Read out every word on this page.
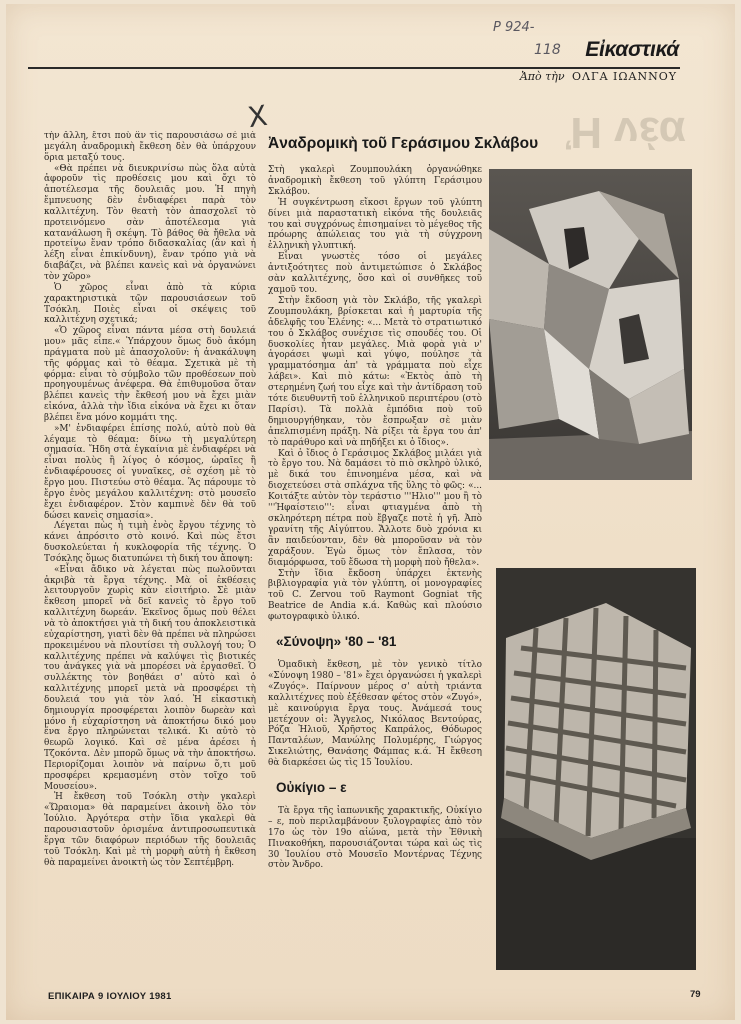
Ρ 924-
118 Εἰκαστικά
Ἀπὸ τὴν ΟΛΓΑ ΙΩΑΝΝΟΥ
Ἡ νέα
X

τὴν ἄλλη, ἔτσι ποὺ ἂν τὶς παρουσιάσω σὲ μιὰ μεγάλη ἀναδρομικὴ ἔκθεση δὲν θὰ ὑπάρχουν ὅρια μεταξύ τους.

«Θὰ πρέπει νὰ διευκρινίσω πὼς ὅλα αὐτὰ ἀφοροῦν τὶς προθέσεις μου καὶ ὄχι τὸ ἀποτέλεσμα τῆς δουλειᾶς μου. Ἡ πηγὴ ἔμπνευσης δὲν ἐνδιαφέρει παρὰ τὸν καλλιτέχνη. Τὸν θεατὴ τὸν ἀπασχολεῖ τὸ προτεινόμενο σὰν ἀποτέλεσμα γιὰ κατανάλωση ἢ σκέψη. Τὸ βάθος θὰ ἤθελα νὰ προτείνω ἕναν τρόπο διδασκαλίας (ἂν καὶ ἡ λέξη εἶναι ἐπικίνδυνη), ἕναν τρόπο γιὰ νὰ διαβάζει, νὰ βλέπει κανεὶς καὶ νὰ ὀργανώνει τὸν χῶρο»

Ὁ χῶρος εἶναι ἀπὸ τὰ κύρια χαρακτηριστικὰ τῶν παρουσιάσεων τοῦ Τσόκλη. Ποιὲς εἶναι οἱ σκέψεις τοῦ καλλιτέχνη σχετικά;

«Ὁ χῶρος εἶναι πάντα μέσα στὴ δουλειά μου» μᾶς εἶπε.« Ὑπάρχουν ὅμως δυὸ ἀκόμη πράγματα ποὺ μὲ ἀπασχολοῦν: ἡ ἀνακάλυψη τῆς φόρμας καὶ τὸ θέαμα. Σχετικὰ μὲ τὴ φόρμα: εἶναι τὸ σύμβολο τῶν προθέσεων ποὺ προηγουμένως ἀνέφερα. Θὰ ἐπιθυμοῦσα ὅταν βλέπει κανεὶς τὴν ἔκθεσή μου νὰ ἔχει μιὰν εἰκόνα, ἀλλὰ τὴν ἴδια εἰκόνα νὰ ἔχει κι ὅταν βλέπει ἕνα μόνο κομμάτι της.

»Μ' ἐνδιαφέρει ἐπίσης πολύ, αὐτὸ ποὺ θὰ λέγαμε τὸ θέαμα: δίνω τὴ μεγαλύτερη σημασία. Ἤδη στὰ ἐγκαίνια μὲ ἐνδιαφέρει νὰ εἶναι πολὺς ἢ λίγος ὁ κόσμος, ὡραῖες ἢ ἐνδιαφέρουσες οἱ γυναῖκες, σὲ σχέση μὲ τὸ ἔργο μου. Πιστεύω στὸ θέαμα. Ἂς πάρουμε τὸ ἔργο ἑνὸς μεγάλου καλλιτέχνη: στὸ μουσεῖο ἔχει ἐνδιαφέρον. Στὸν καμπινὲ δὲν θὰ τοῦ δώσει κανεὶς σημασία».

Λέγεται πὼς ἡ τιμὴ ἑνὸς ἔργου τέχνης τὸ κάνει ἀπρόσιτο στὸ κοινό. Καὶ πὼς ἔτσι δυσκολεύεται ἡ κυκλοφορία τῆς τέχνης. Ὁ Τσόκλης ὅμως διατυπώνει τὴ δική του ἄποψη:

«Εἶναι ἄδικο νὰ λέγεται πὼς πωλοῦνται ἀκριβὰ τὰ ἔργα τέχνης. Μὰ οἱ ἐκθέσεις λειτουργοῦν χωρὶς κὰν εἰσιτήριο. Σὲ μιὰν ἔκθεση μπορεῖ νὰ δεῖ κανεὶς τὸ ἔργο τοῦ καλλιτέχνη δωρεάν. Ἐκεῖνος ὅμως ποὺ θέλει νὰ τὸ ἀποκτήσει γιὰ τὴ δική του ἀποκλειστικὰ εὐχαρίστηση, γιατὶ δὲν θὰ πρέπει νὰ πληρώσει προκειμένου νὰ πλουτίσει τὴ συλλογή του; Ὁ καλλιτέχνης πρέπει νὰ καλύψει τὶς βιοτικές του ἀνάγκες γιὰ νὰ μπορέσει νὰ ἐργασθεῖ. Ὁ συλλέκτης τὸν βοηθάει σ' αὐτὸ καὶ ὁ καλλιτέχνης μπορεῖ μετὰ νὰ προσφέρει τὴ δουλειά του γιὰ τὸν λαό. Ἡ εἰκαστικὴ δημιουργία προσφέρεται λοιπὸν δωρεὰν καὶ μόνο ἡ εὐχαρίστηση νὰ ἀποκτήσω δικό μου ἕνα ἔργο πληρώνεται τελικά. Κι αὐτὸ τὸ θεωρῶ λογικό. Καὶ σὲ μένα ἀρέσει ἡ Τζοκόντα. Δὲν μπορῶ ὅμως νὰ τὴν ἀποκτήσω. Περιορίζομαι λοιπὸν νὰ παίρνω ὅ,τι μοῦ προσφέρει κρεμασμένη στὸν τοῖχο τοῦ Μουσείου».

Ἡ ἔκθεση τοῦ Τσόκλη στὴν γκαλερὶ «Ὥραιομα» θὰ παραμείνει ἀκοινὴ ὅλο τὸν Ἰούλιο. Ἀργότερα στὴν ἴδια γκαλερὶ θὰ παρουσιαστοῦν ὁρισμένα ἀντιπροσωπευτικὰ ἔργα τῶν διαφόρων περιόδων τῆς δουλειᾶς τοῦ Τσόκλη. Καὶ μὲ τὴ μορφὴ αὐτὴ ἡ ἔκθεση θὰ παραμείνει ἀνοικτὴ ὡς τὸν Σεπτέμβρη.

Ἀναδρομικὴ τοῦ Γεράσιμου Σκλάβου

Στὴ γκαλερὶ Ζουμπουλάκη ὀργανώθηκε ἀναδρομικὴ ἔκθεση τοῦ γλύπτη Γεράσιμου Σκλάβου.

Ἡ συγκέντρωση εἴκοσι ἔργων τοῦ γλύπτη δίνει μιὰ παραστατικὴ εἰκόνα τῆς δουλειᾶς του καὶ συγχρόνως ἐπισημαίνει τὸ μέγεθος τῆς πρόωρης ἀπώλειας του γιὰ τὴ σύγχρονη ἑλληνικὴ γλυπτική.

Εἶναι γνωστὲς τόσο οἱ μεγάλες ἀντιξοότητες ποὺ ἀντιμετώπισε ὁ Σκλάβος σὰν καλλιτέχνης, ὅσο καὶ οἱ συνθῆκες τοῦ χαμοῦ του.

Στὴν ἔκδοση γιὰ τὸν Σκλάβο, τῆς γκαλερὶ Ζουμπουλάκη, βρίσκεται καὶ ἡ μαρτυρία τῆς ἀδελφῆς του Ἑλένης: «... Μετὰ τὸ στρατιωτικό του ὁ Σκλάβος συνέχισε τὶς σπουδές του. Οἱ δυσκολίες ἦταν μεγάλες. Μιὰ φορὰ γιὰ ν' ἀγοράσει ψωμὶ καὶ γύψο, πούλησε τὰ γραμματόσημα ἀπ' τὰ γράμματα ποὺ εἶχε λάβει». Καὶ πιὸ κάτω: «Ἐκτὸς ἀπὸ τὴ στερημένη ζωή του εἶχε καὶ τὴν ἀντίδραση τοῦ τότε διευθυντῆ τοῦ ἑλληνικοῦ περιπτέρου (στὸ Παρίσι). Τὰ πολλὰ ἐμπόδια ποὺ τοῦ δημιουργήθηκαν, τὸν ἔσπρωξαν σὲ μιὰν ἀπελπισμένη πράξη. Νὰ ρίξει τὰ ἔργα του ἀπ' τὸ παράθυρο καὶ νὰ πηδήξει κι ὁ ἴδιος».

Καὶ ὁ ἴδιος ὁ Γεράσιμος Σκλάβος μιλάει γιὰ τὸ ἔργο του. Νὰ δαμάσει τὸ πιὸ σκληρὸ ὑλικό, μὲ δικά του ἐπινοημένα μέσα, καὶ νὰ διοχετεύσει στὰ σπλάχνα τῆς ὕλης τὸ φῶς: «... Κοιτάξτε αὐτὸν τὸν τεράστιο '''Ηλιο''' μου ἢ τὸ '''Ἡφαίστειο''': εἶναι φτιαγμένα ἀπὸ τὴ σκληρότερη πέτρα ποὺ ἔβγαζε ποτὲ ἡ γῆ. Ἀπὸ γρανίτη τῆς Αἰγύπτου. Ἄλλοτε δυὸ χρόνια κι ἂν παιδεύονταν, δὲν θὰ μποροῦσαν νὰ τὸν χαράξουν. Ἐγὼ ὅμως τὸν ἔπλασα, τὸν διαμόρφωσα, τοῦ ἔδωσα τὴ μορφὴ ποὺ ἤθελα».

Στὴν ἴδια ἔκδοση ὑπάρχει ἐκτενὴς βιβλιογραφία γιὰ τὸν γλύπτη, οἱ μονογραφίες τοῦ C. Zervou τοῦ Raymont Gogniat τῆς Beatrice de Andia κ.ά. Καθὼς καὶ πλούσιο φωτογραφικὸ ὑλικό.

«Σύνοψη» '80 – '81

Ὁμαδικὴ ἔκθεση, μὲ τὸν γενικὸ τίτλο «Σύνοψη 1980 – '81» ἔχει ὀργανώσει ἡ γκαλερὶ «Ζυγός». Παίρνουν μέρος σ' αὐτὴ τριάντα καλλιτέχνες ποὺ ἐξέθεσαν φέτος στὸν «Ζυγό», μὲ καινούργια ἔργα τους. Ἀνάμεσά τους μετέχουν οἱ: Ἄγγελος, Νικόλαος Βεντούρας, Ρόζα Ἠλιοῦ, Χρῆστος Καπράλος, Θόδωρος Πανταλέων, Μανώλης Πολυμέρης, Γιώργος Σικελιώτης, Θανάσης Φάμπας κ.ά. Ἡ ἔκθεση θὰ διαρκέσει ὡς τὶς 15 Ἰουλίου.

Οὐκίγιο – ε

Τὰ ἔργα τῆς ἰαπωνικῆς χαρακτικῆς, Οὐκίγιο – ε, ποὺ περιλαμβάνουν ξυλογραφίες ἀπὸ τὸν 17ο ὡς τὸν 19ο αἰώνα, μετὰ τὴν Ἐθνικὴ Πινακοθήκη, παρουσιάζονται τώρα καὶ ὡς τὶς 30 Ἰουλίου στὸ Μουσεῖο Μοντέρνας Τέχνης στὸν Ἄνδρο.

ΕΠΙΚΑΙΡΑ 9 ΙΟΥΛΙΟΥ 1981	79
